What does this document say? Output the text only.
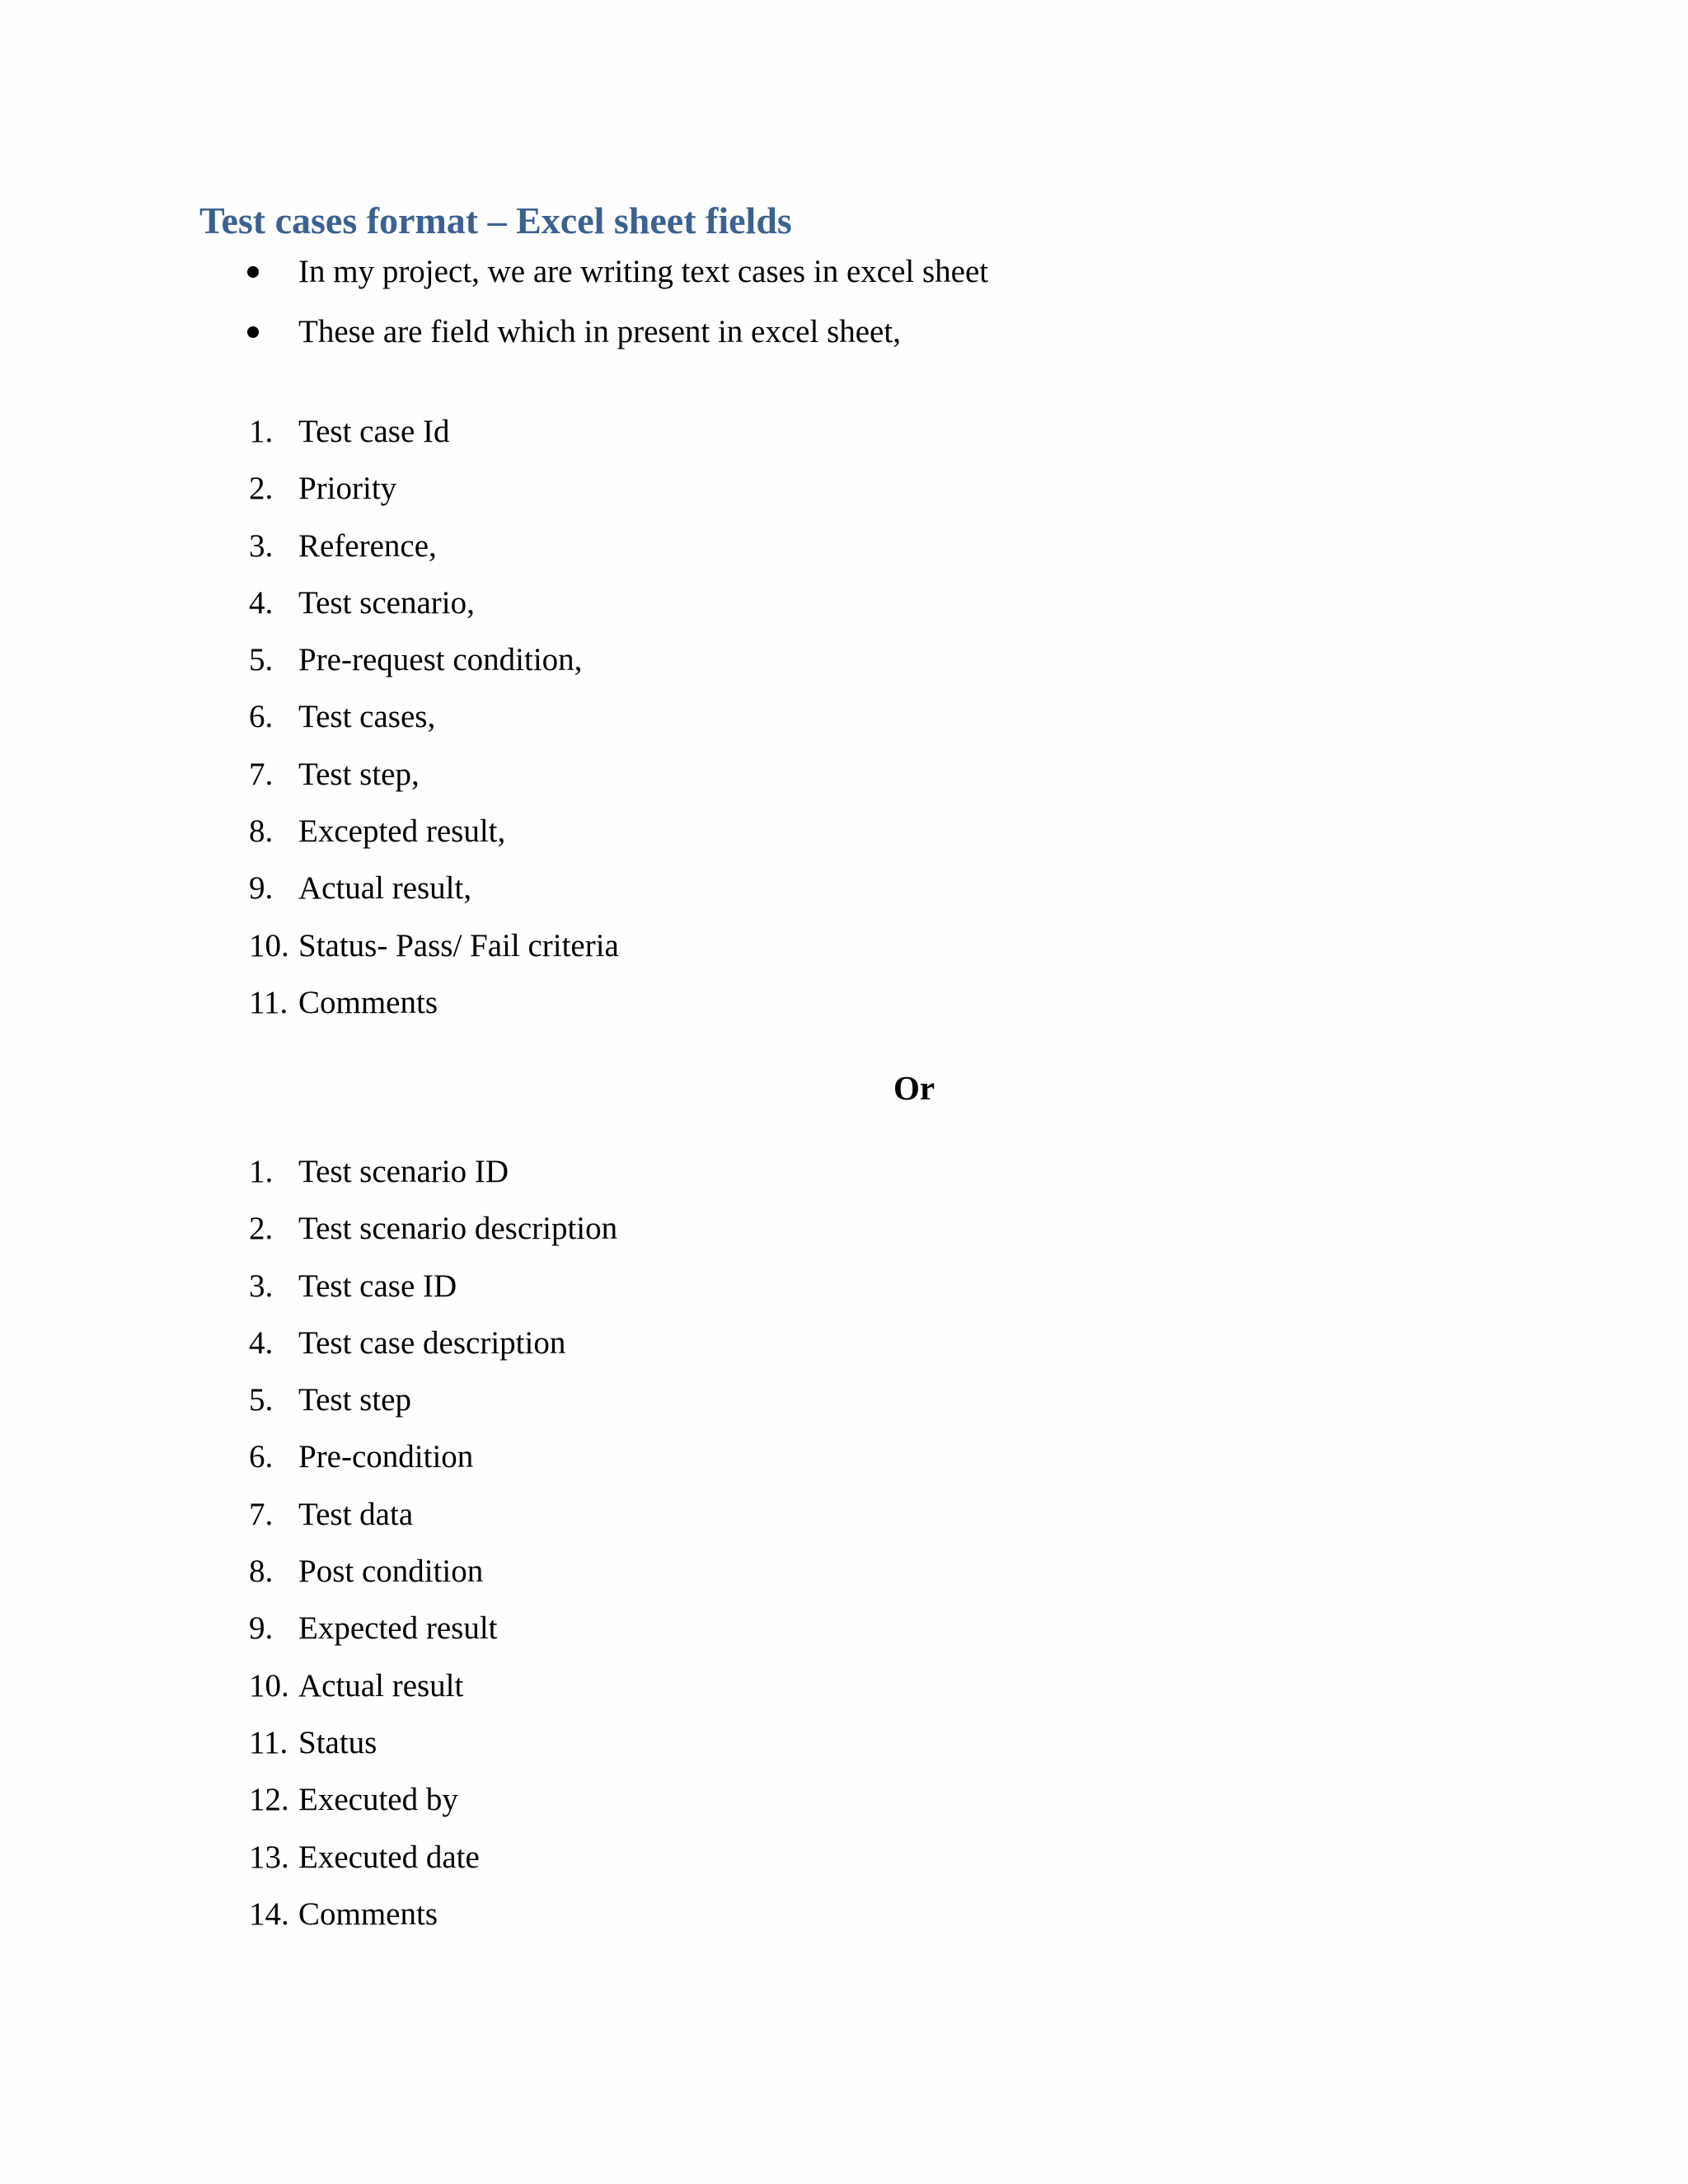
Test cases format – Excel sheet fields
In my project, we are writing text cases in excel sheet
These are field which in present in excel sheet,
1. Test case Id
2. Priority
3. Reference,
4. Test scenario,
5. Pre-request condition,
6. Test cases,
7. Test step,
8. Excepted result,
9. Actual result,
10. Status- Pass/ Fail criteria
11. Comments
Or
1. Test scenario ID
2. Test scenario description
3. Test case ID
4. Test case description
5. Test step
6. Pre-condition
7. Test data
8. Post condition
9. Expected result
10. Actual result
11. Status
12. Executed by
13. Executed date
14. Comments
